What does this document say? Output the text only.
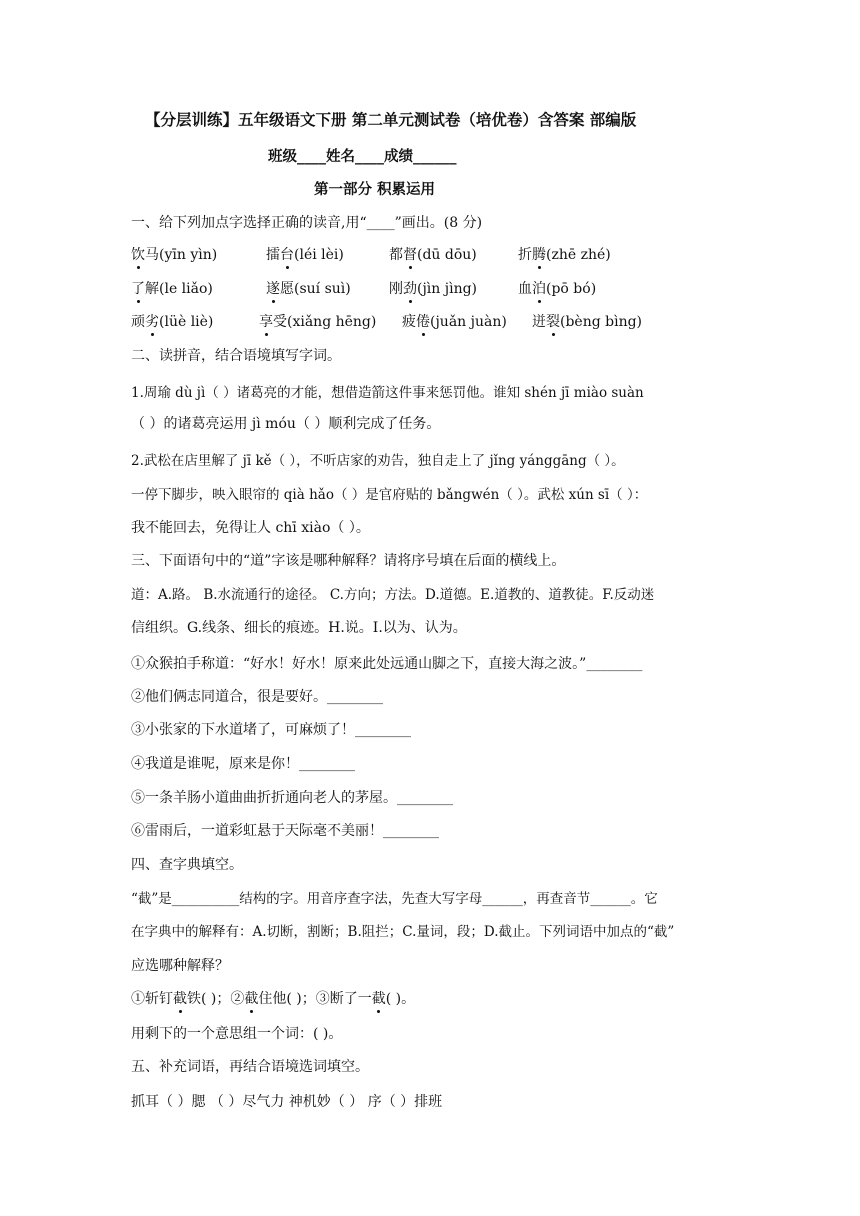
【分层训练】五年级语文下册 第二单元测试卷（培优卷）含答案 部编版
班级____姓名____成绩______
第一部分 积累运用
一、给下列加点字选择正确的读音,用“____”画出。(8 分)
饮马(yīn yìn)	擂台(léi lèi)	都督(dū dōu)	折腾(zhē zhé)
了解(le liǎo)	遂愿(suí suì)	刚劲(jìn jìng)	血泊(pō bó)
顽劣(lüè liè)	享受(xiǎng hēng) 疲倦(juǎn juàn) 迸裂(bèng bìng)
二、读拼音，结合语境填写字词。
1.周瑜 dù jì（ ）诸葛亮的才能，想借造箭这件事来惩罚他。谁知 shén jī miào suàn
（ ）的诸葛亮运用 jì móu（ ）顺利完成了任务。
2.武松在店里解了 jī kě（ ），不听店家的劝告，独自走上了 jǐng yánggāng（ ）。
一停下脚步，映入眼帘的 qià hǎo（ ）是官府贴的 bǎngwén（ ）。武松 xún sī（ ）：
我不能回去，免得让人 chī xiào（ ）。
三、下面语句中的“道”字该是哪种解释？请将序号填在后面的横线上。
道：A.路。 B.水流通行的途径。 C.方向；方法。D.道德。E.道教的、道教徒。F.反动迷
信组织。G.线条、细长的痕迹。H.说。I.以为、认为。
①众猴拍手称道：“好水！好水！原来此处远通山脚之下，直接大海之波。”________
②他们俩志同道合，很是要好。________
③小张家的下水道堵了，可麻烦了！________
④我道是谁呢，原来是你！________
⑤一条羊肠小道曲曲折折通向老人的茅屋。________
⑥雷雨后，一道彩虹悬于天际毫不美丽！________
四、查字典填空。
“截”是__________结构的字。用音序查字法，先查大写字母______，再查音节______。它
在字典中的解释有：A.切断，割断；B.阻拦；C.量词，段；D.截止。下列词语中加点的“截”
应选哪种解释？
①斩钉截铁( )；②截住他( )；③断了一截( )。
用剩下的一个意思组一个词：( )。
五、补充词语，再结合语境选词填空。
抓耳（ ）腮 （ ）尽气力 神机妙（ ） 序（ ）排班
